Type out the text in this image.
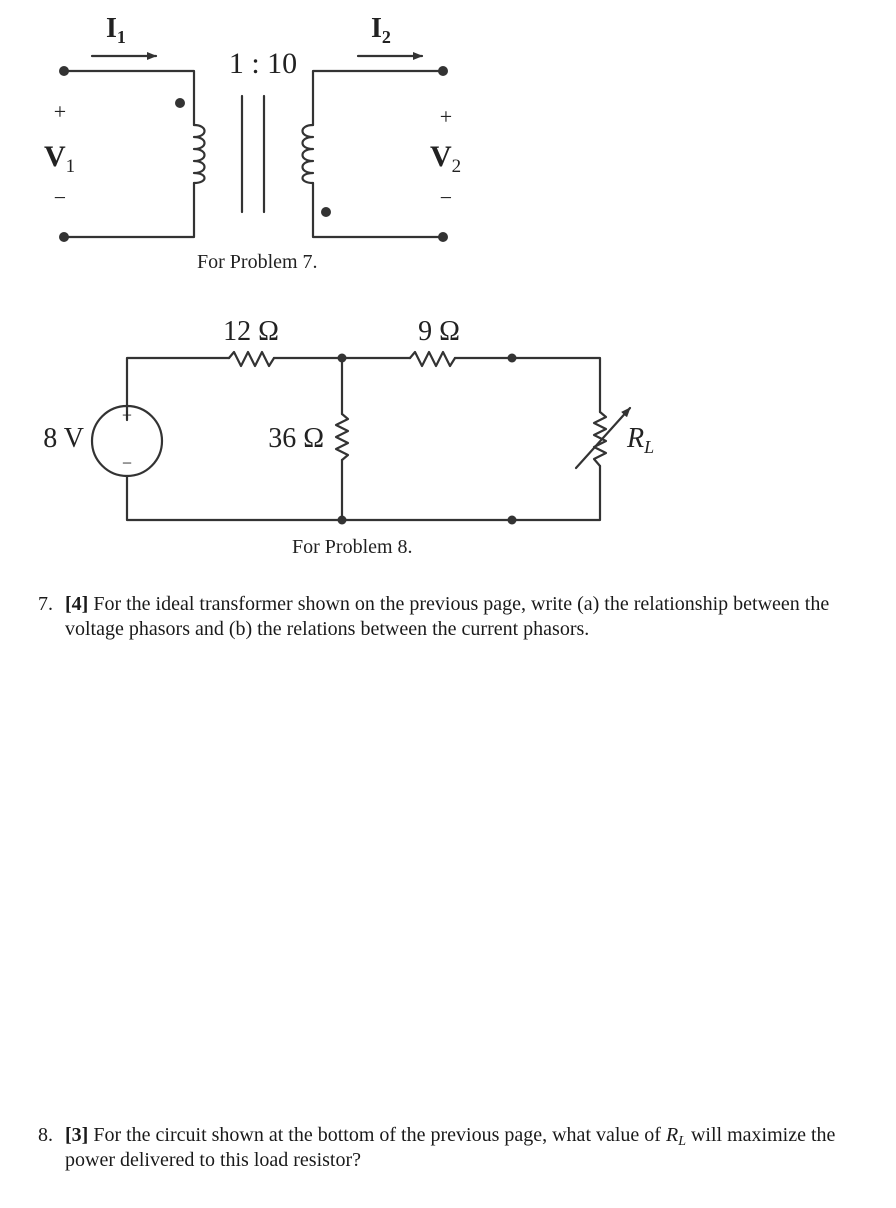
$I_1$	$I_2$
1 : 10
+
$V_1$
−
+
$V_2$
−
For Problem 7.
12 Ω	9 Ω
36 Ω
8 V
+
−
$R_L$
For Problem 8.
7. [4] For the ideal transformer shown on the previous page, write (a) the relationship between the voltage phasors and (b) the relations between the current phasors.
8. [3] For the circuit shown at the bottom of the previous page, what value of $R_L$ will maximize the power delivered to this load resistor?
